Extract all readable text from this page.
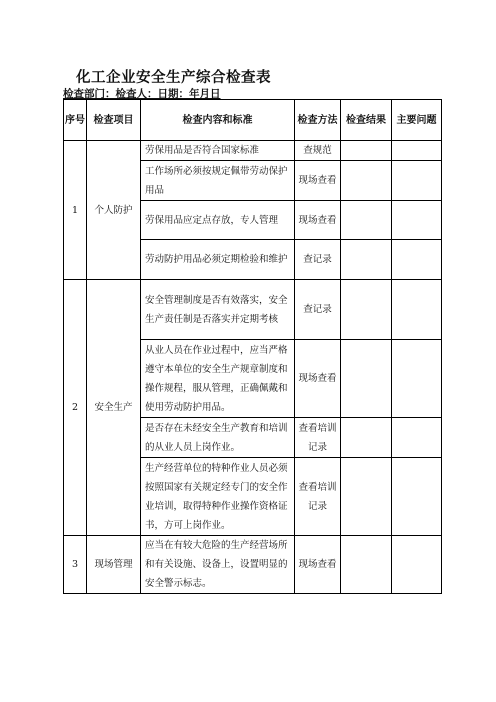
化工企业安全生产综合检查表
检查部门：检查人：日期：年月日
序号	检查项目	检查内容和标准	检查方法	检查结果	主要问题
1	个人防护	劳保用品是否符合国家标准	查规范		
		工作场所必须按规定佩带劳动保护用品	现场查看		
		劳保用品应定点存放，专人管理	现场查看		
		劳动防护用品必须定期检验和维护	查记录		
2	安全生产	安全管理制度是否有效落实，安全生产责任制是否落实并定期考核	查记录		
		从业人员在作业过程中，应当严格遵守本单位的安全生产规章制度和操作规程，服从管理，正确佩戴和使用劳动防护用品。	现场查看		
		是否存在未经安全生产教育和培训的从业人员上岗作业。	查看培训记录		
		生产经营单位的特种作业人员必须按照国家有关规定经专门的安全作业培训，取得特种作业操作资格证书，方可上岗作业。	查看培训记录		
3	现场管理	应当在有较大危险的生产经营场所和有关设施、设备上，设置明显的安全警示标志。	现场查看		
